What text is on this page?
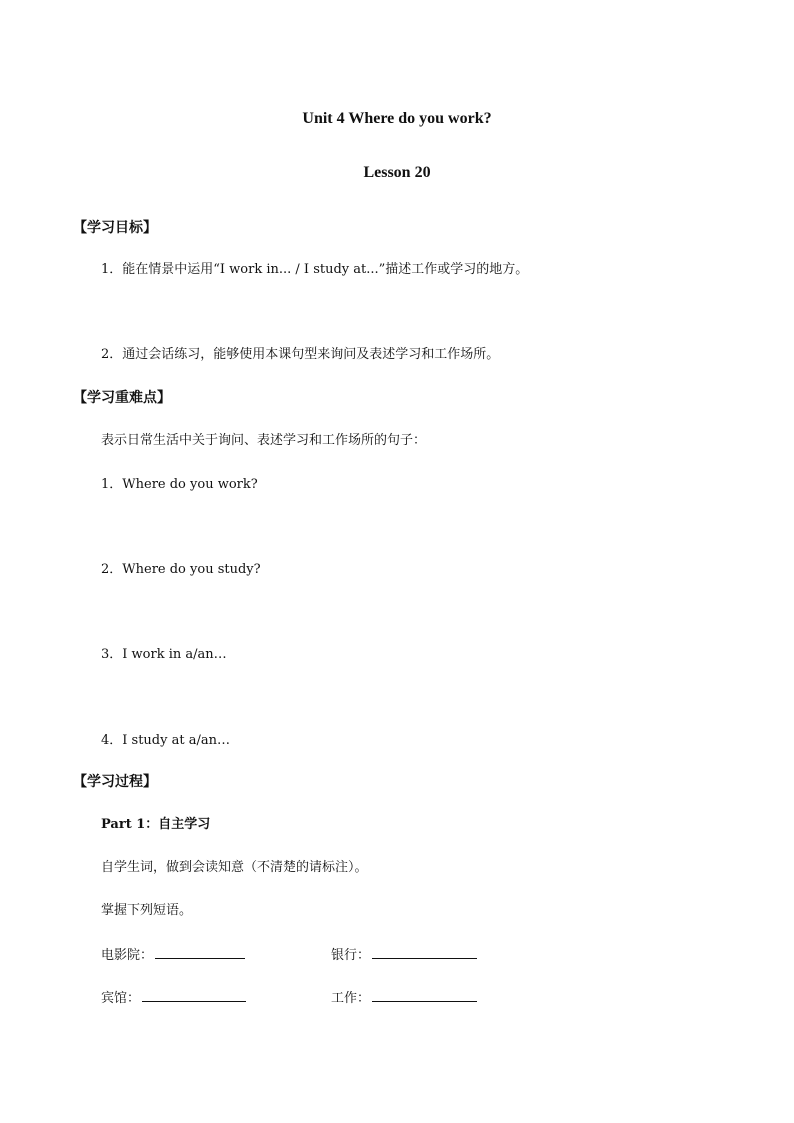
Unit 4 Where do you work?
Lesson 20
【学习目标】
1．能在情景中运用“I work in... / I study at...”描述工作或学习的地方。
2．通过会话练习，能够使用本课句型来询问及表述学习和工作场所。
【学习重难点】
表示日常生活中关于询问、表述学习和工作场所的句子：
1．Where do you work?
2．Where do you study?
3．I work in a/an…
4．I study at a/an…
【学习过程】
Part 1：自主学习
自学生词，做到会读知意（不清楚的请标注）。
掌握下列短语。
电影院：	银行：
宾馆：	工作：
